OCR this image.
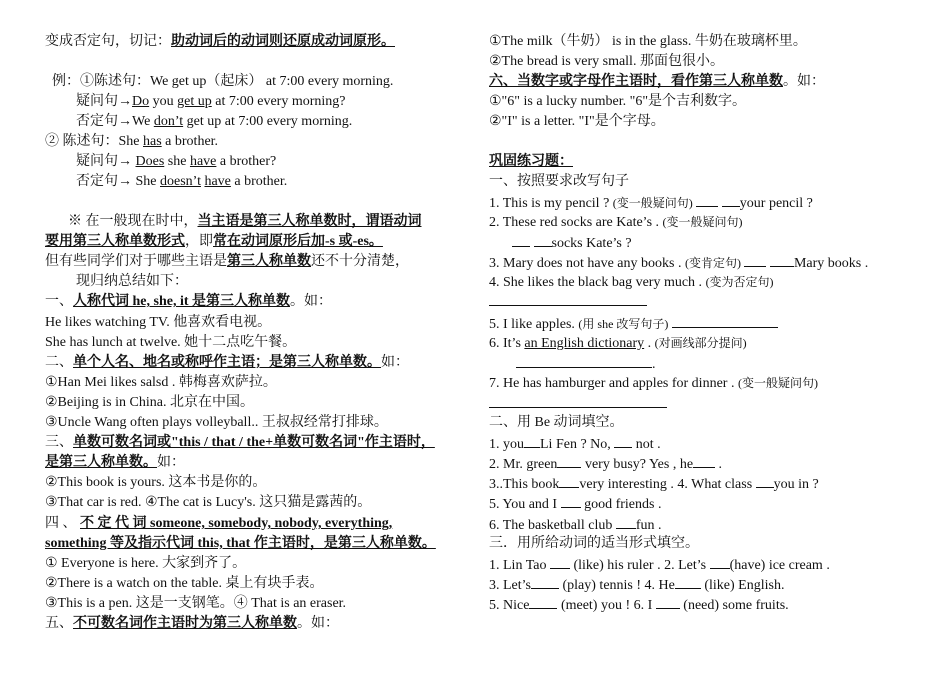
变成否定句，切记：助动词后的动词则还原成动词原形。
例：①陈述句：We get up（起床） at 7:00 every morning.
疑问句→Do you get up at 7:00 every morning?
否定句→We don’t get up at 7:00 every morning.
② 陈述句：She has a brother.
疑问句→ Does she have a brother?
否定句→ She doesn’t have a brother.
※ 在一般现在时中，当主语是第三人称单数时，谓语动词
要用第三人称单数形式，即常在动词原形后加-s 或-es。
但有些同学们对于哪些主语是第三人称单数还不十分清楚，
现归纳总结如下：
一、人称代词 he, she, it 是第三人称单数。如：
He likes watching TV. 他喜欢看电视。
She has lunch at twelve. 她十二点吃午餐。
二、单个人名、地名或称呼作主语；是第三人称单数。如：
①Han Mei likes salsd . 韩梅喜欢萨拉。
②Beijing is in China. 北京在中国。
③Uncle Wang often plays volleyball.. 王叔叔经常打排球。
三、单数可数名词或"this / that / the+单数可数名词"作主语时，
是第三人称单数。如：
②This book is yours. 这本书是你的。
③That car is red. ④The cat is Lucy's. 这只猫是露茜的。
四 、 不 定 代 词 someone, somebody, nobody, everything,
something 等及指示代词 this, that 作主语时，是第三人称单数。
① Everyone is here. 大家到齐了。
②There is a watch on the table. 桌上有块手表。
③This is a pen. 这是一支钢笔。④ That is an eraser.
五、不可数名词作主语时为第三人称单数。如：
①The milk（牛奶） is in the glass. 牛奶在玻璃杯里。
②The bread is very small. 那面包很小。
六、当数字或字母作主语时，看作第三人称单数。如：
①"6" is a lucky number. "6"是个吉利数字。
②"I" is a letter. "I"是个字母。
巩固练习题：
一、按照要求改写句子
1. This is my pencil ? (变一般疑问句)	your pencil ?
2. These red socks are Kate’s . (变一般疑问句)
socks Kate’s ?
3. Mary does not have any books . (变肯定句)	Mary books .
4. She likes the black bag very much . (变为否定句)
5. I like apples. (用 she 改写句子)
6. It’s an English dictionary . (对画线部分提问)
.
7. He has hamburger and apples for dinner . (变一般疑问句)
二、用 Be 动词填空。
1. you Li Fen ? No,  not .
2. Mr. green very busy? Yes , he .
3..This book very interesting . 4. What class you in ?
5. You and I  good friends .
6. The basketball club fun .
三．用所给动词的适当形式填空。
1. Lin Tao  (like) his ruler . 2. Let’s (have) ice cream .
3. Let’s (play) tennis ! 4. He (like) English.
5. Nice (meet) you ! 6. I  (need) some fruits.
